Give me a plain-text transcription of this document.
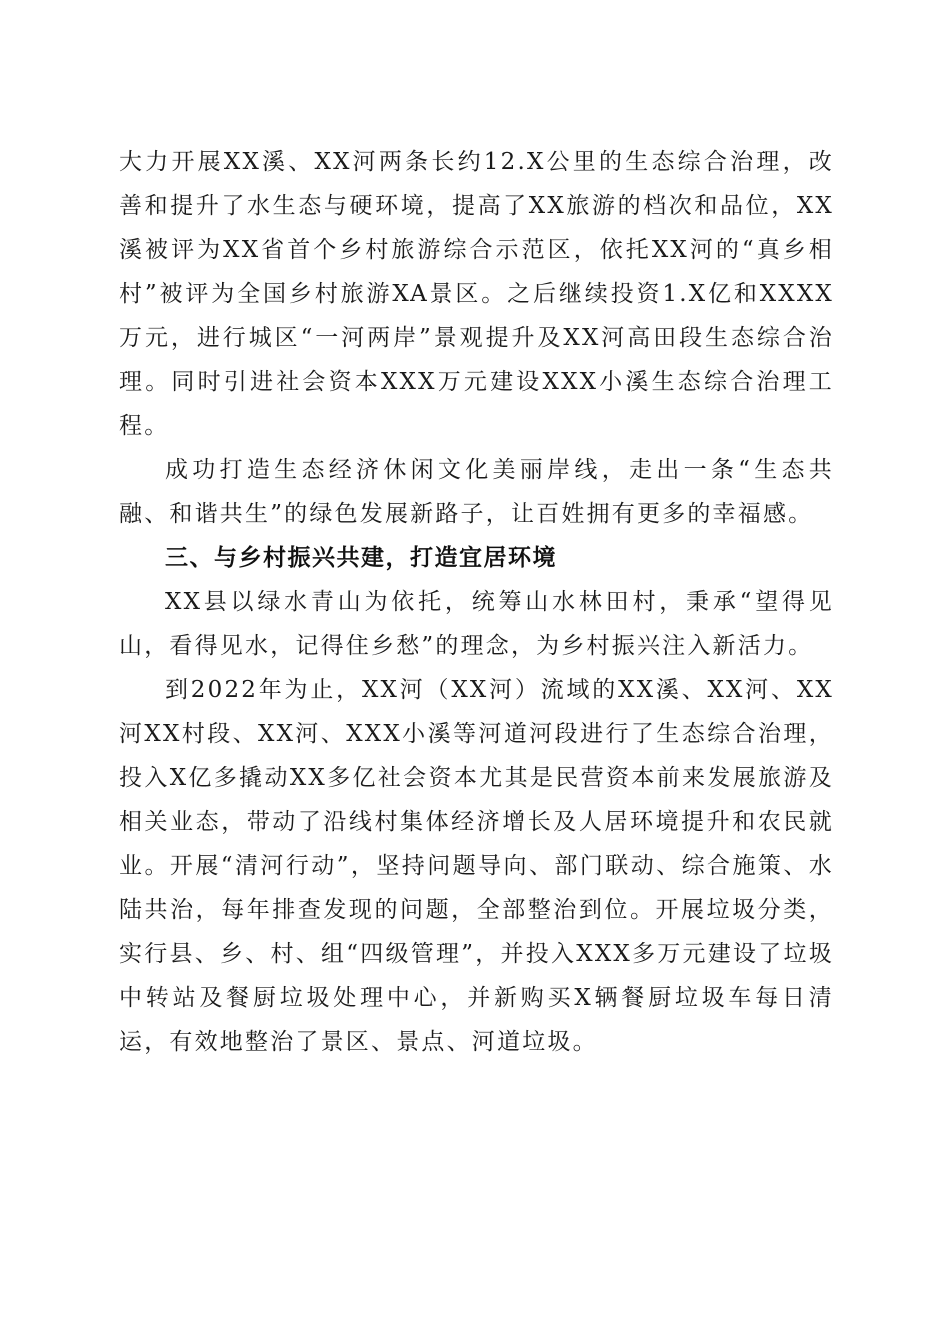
大力开展XX溪、XX河两条长约12.X公里的生态综合治理，改善和提升了水生态与硬环境，提高了XX旅游的档次和品位，XX溪被评为XX省首个乡村旅游综合示范区，依托XX河的“真乡相村”被评为全国乡村旅游XA景区。之后继续投资1.X亿和XXXX万元，进行城区“一河两岸”景观提升及XX河高田段生态综合治理。同时引进社会资本XXX万元建设XXX小溪生态综合治理工程。

成功打造生态经济休闲文化美丽岸线，走出一条“生态共融、和谐共生”的绿色发展新路子，让百姓拥有更多的幸福感。

三、与乡村振兴共建，打造宜居环境

XX县以绿水青山为依托，统筹山水林田村，秉承“望得见山，看得见水，记得住乡愁”的理念，为乡村振兴注入新活力。

到2022年为止，XX河（XX河）流域的XX溪、XX河、XX河XX村段、XX河、XXX小溪等河道河段进行了生态综合治理，投入X亿多撬动XX多亿社会资本尤其是民营资本前来发展旅游及相关业态，带动了沿线村集体经济增长及人居环境提升和农民就业。开展“清河行动”，坚持问题导向、部门联动、综合施策、水陆共治，每年排查发现的问题，全部整治到位。开展垃圾分类，实行县、乡、村、组“四级管理”，并投入XXX多万元建设了垃圾中转站及餐厨垃圾处理中心，并新购买X辆餐厨垃圾车每日清运，有效地整治了景区、景点、河道垃圾。
